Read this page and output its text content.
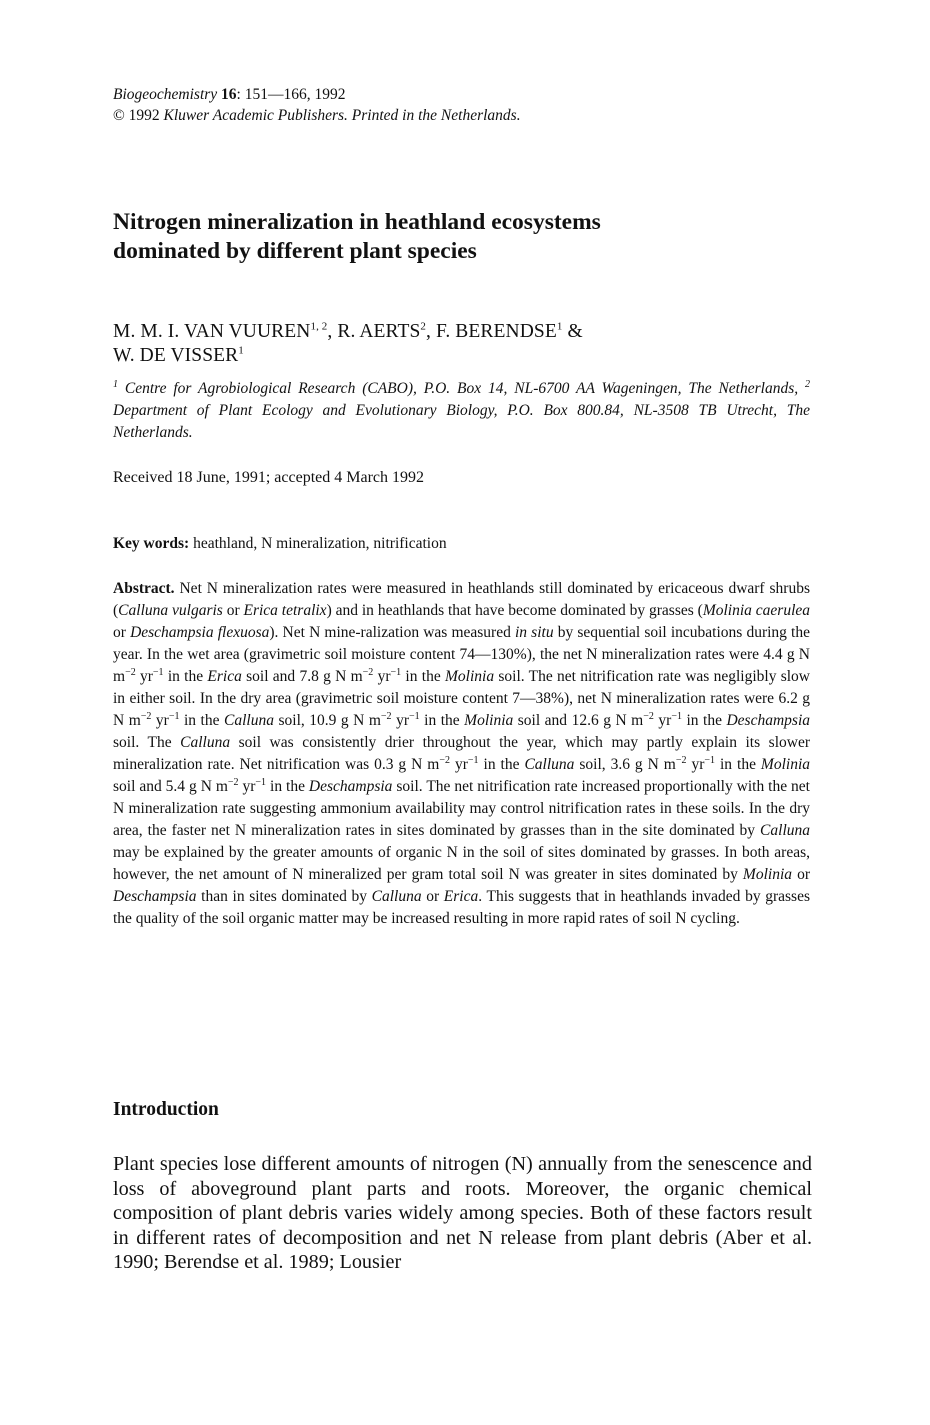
Biogeochemistry 16: 151—166, 1992
© 1992 Kluwer Academic Publishers. Printed in the Netherlands.
Nitrogen mineralization in heathland ecosystems
dominated by different plant species
M. M. I. VAN VUUREN$^{1, 2}$, R. AERTS$^2$, F. BERENDSE$^1$ &
W. DE VISSER$^1$
$^1$ Centre for Agrobiological Research (CABO), P.O. Box 14, NL-6700 AA Wageningen, The Netherlands, $^2$ Department of Plant Ecology and Evolutionary Biology, P.O. Box 800.84, NL-3508 TB Utrecht, The Netherlands.
Received 18 June, 1991; accepted 4 March 1992
Key words: heathland, N mineralization, nitrification

Abstract. Net N mineralization rates were measured in heathlands still dominated by ericaceous dwarf shrubs (Calluna vulgaris or Erica tetralix) and in heathlands that have become dominated by grasses (Molinia caerulea or Deschampsia flexuosa). Net N mine-ralization was measured in situ by sequential soil incubations during the year. In the wet area (gravimetric soil moisture content 74—130%), the net N mineralization rates were 4.4 g N $m^{-2}$ $yr^{-1}$ in the Erica soil and 7.8 g N $m^{-2}$ $yr^{-1}$ in the Molinia soil. The net nitrification rate was negligibly slow in either soil. In the dry area (gravimetric soil moisture content 7—38%), net N mineralization rates were 6.2 g N $m^{-2}$ $yr^{-1}$ in the Calluna soil, 10.9 g N $m^{-2}$ $yr^{-1}$ in the Molinia soil and 12.6 g N $m^{-2}$ $yr^{-1}$ in the Deschampsia soil. The Calluna soil was consistently drier throughout the year, which may partly explain its slower mineralization rate. Net nitrification was 0.3 g N $m^{-2}$ $yr^{-1}$ in the Calluna soil, 3.6 g N $m^{-2}$ $yr^{-1}$ in the Molinia soil and 5.4 g N $m^{-2}$ $yr^{-1}$ in the Deschampsia soil. The net nitrification rate increased proportionally with the net N mineralization rate suggesting ammonium availability may control nitrification rates in these soils. In the dry area, the faster net N mineralization rates in sites dominated by grasses than in the site dominated by Calluna may be explained by the greater amounts of organic N in the soil of sites dominated by grasses. In both areas, however, the net amount of N mineralized per gram total soil N was greater in sites dominated by Molinia or Deschampsia than in sites dominated by Calluna or Erica. This suggests that in heathlands invaded by grasses the quality of the soil organic matter may be increased resulting in more rapid rates of soil N cycling.

Introduction

Plant species lose different amounts of nitrogen (N) annually from the senescence and loss of aboveground plant parts and roots. Moreover, the organic chemical composition of plant debris varies widely among species. Both of these factors result in different rates of decomposition and net N release from plant debris (Aber et al. 1990; Berendse et al. 1989; Lousier
